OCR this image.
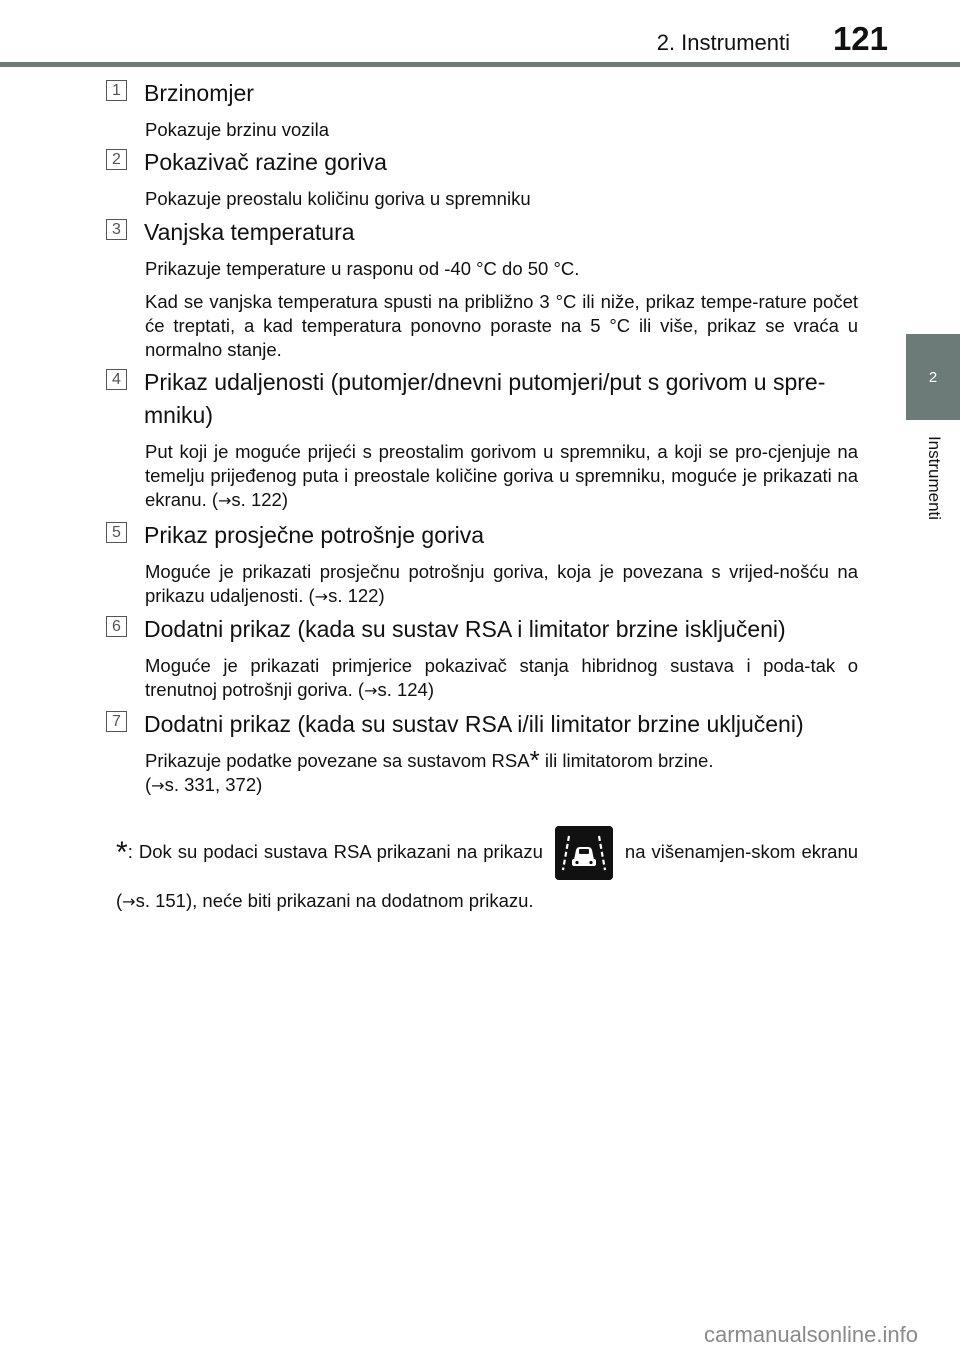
2. Instrumenti 121
2
Instrumenti
1 Brzinomjer

Pokazuje brzinu vozila

2 Pokazivač razine goriva

Pokazuje preostalu količinu goriva u spremniku

3 Vanjska temperatura

Prikazuje temperature u rasponu od -40 °C do 50 °C.

Kad se vanjska temperatura spusti na približno 3 °C ili niže, prikaz tempe-rature počet će treptati, a kad temperatura ponovno poraste na 5 °C ili više, prikaz se vraća u normalno stanje.

4 Prikaz udaljenosti (putomjer/dnevni putomjeri/put s gorivom u spre-mniku)

Put koji je moguće prijeći s preostalim gorivom u spremniku, a koji se pro-cjenjuje na temelju prijeđenog puta i preostale količine goriva u spremniku, moguće je prikazati na ekranu. (→s. 122)

5 Prikaz prosječne potrošnje goriva

Moguće je prikazati prosječnu potrošnju goriva, koja je povezana s vrijed-nošću na prikazu udaljenosti. (→s. 122)

6 Dodatni prikaz (kada su sustav RSA i limitator brzine isključeni)

Moguće je prikazati primjerice pokazivač stanja hibridnog sustava i poda-tak o trenutnoj potrošnji goriva. (→s. 124)

7 Dodatni prikaz (kada su sustav RSA i/ili limitator brzine uključeni)

Prikazuje podatke povezane sa sustavom RSA* ili limitatorom brzine.
(→s. 331, 372)

*: Dok su podaci sustava RSA prikazani na prikazu	na višenamjen-skom ekranu (→s. 151), neće biti prikazani na dodatnom prikazu.
carmanualsonline.info
